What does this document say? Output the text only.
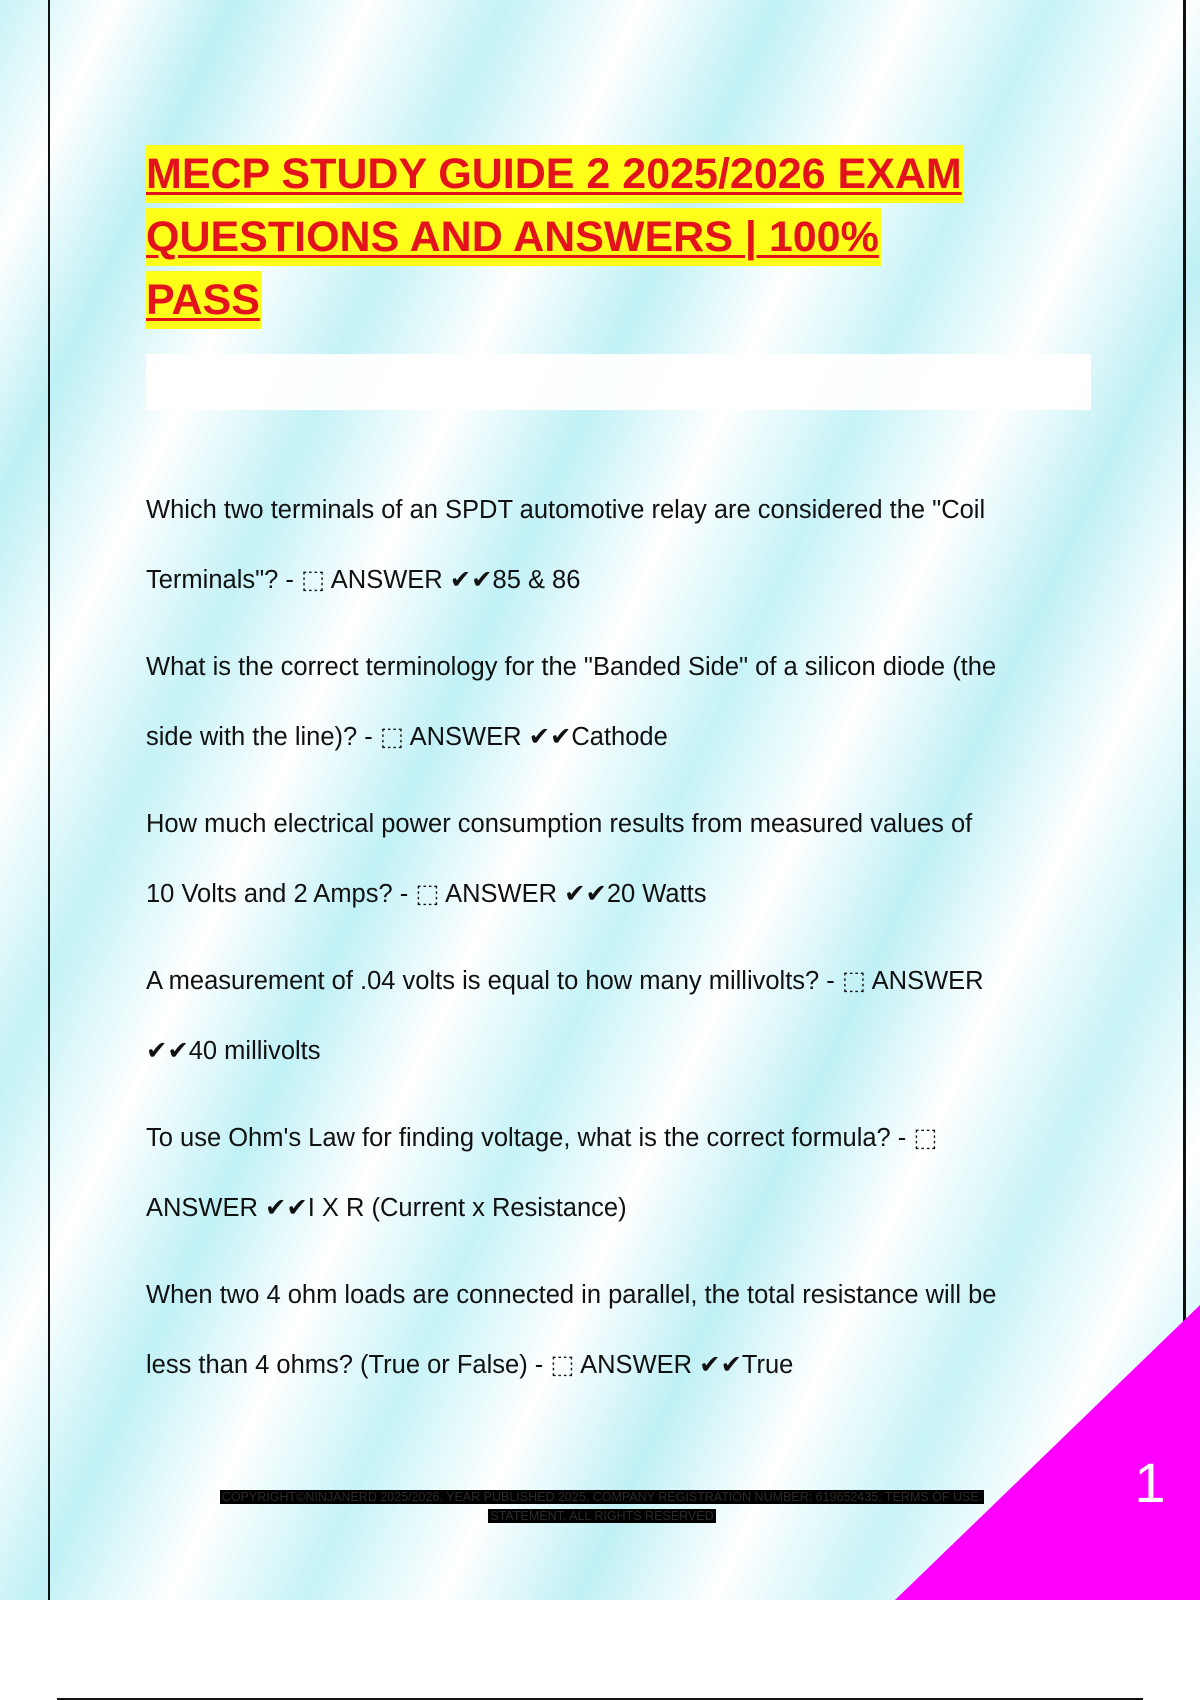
MECP STUDY GUIDE 2 2025/2026 EXAM
QUESTIONS AND ANSWERS | 100%
PASS
Which two terminals of an SPDT automotive relay are considered the "Coil
Terminals"? - ⬚ ANSWER ✔✔85 & 86
What is the correct terminology for the "Banded Side" of a silicon diode (the
side with the line)? - ⬚ ANSWER ✔✔Cathode
How much electrical power consumption results from measured values of
10 Volts and 2 Amps? - ⬚ ANSWER ✔✔20 Watts
A measurement of .04 volts is equal to how many millivolts? - ⬚ ANSWER
✔✔40 millivolts
To use Ohm's Law for finding voltage, what is the correct formula? - ⬚
ANSWER ✔✔I X R (Current x Resistance)
When two 4 ohm loads are connected in parallel, the total resistance will be
less than 4 ohms? (True or False) - ⬚ ANSWER ✔✔True
COPYRIGHT©NINJANERD 2025/2026. YEAR PUBLISHED 2025. COMPANY REGISTRATION NUMBER: 619652435. TERMS OF USE.
STATEMENT. ALL RIGHTS RESERVED
1
